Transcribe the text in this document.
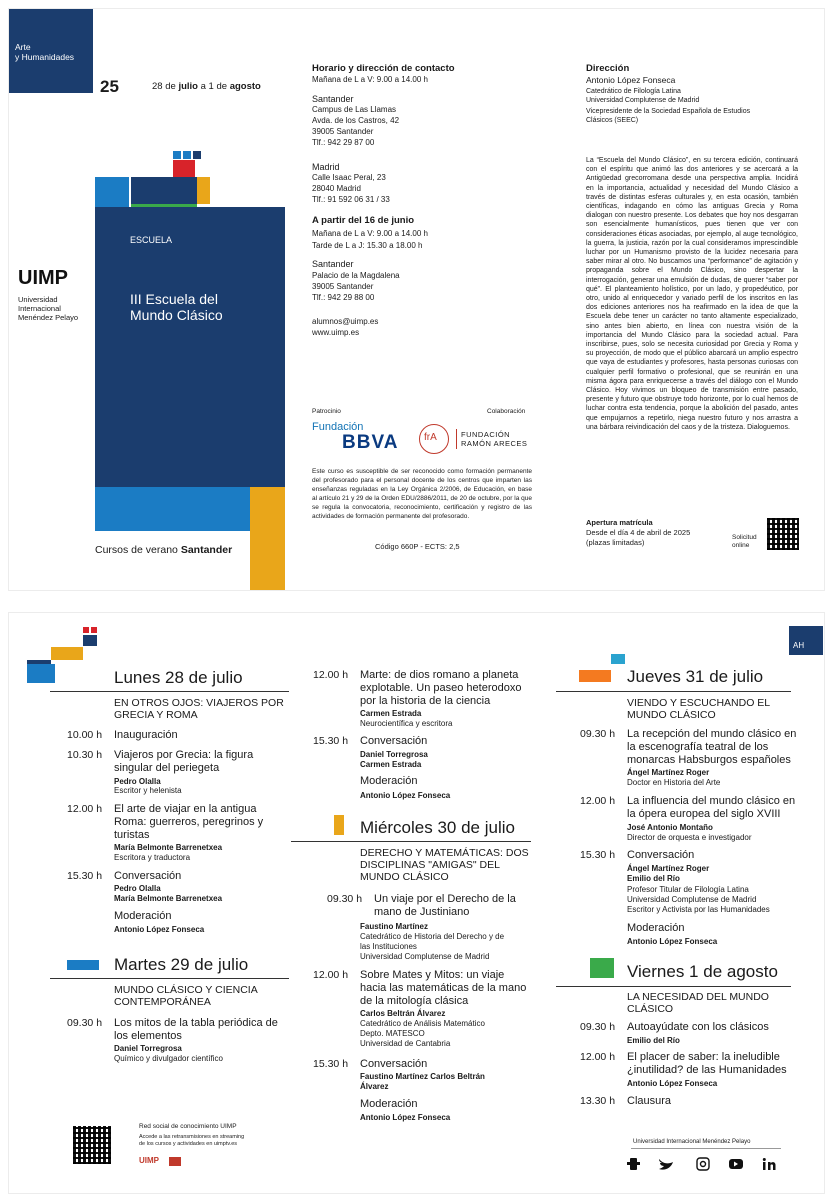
Arte
y Humanidades
25	28 de julio a 1 de agosto
UIMP
Universidad
Internacional
Menéndez Pelayo
ESCUELA
III Escuela del
Mundo Clásico
Cursos de verano Santander
Horario y dirección de contacto
Mañana de L a V: 9.00 a 14.00 h
Santander
Campus de Las Llamas
Avda. de los Castros, 42
39005 Santander
Tlf.: 942 29 87 00
Madrid
Calle Isaac Peral, 23
28040 Madrid
Tlf.: 91 592 06 31 / 33
A partir del 16 de junio
Mañana de L a V: 9.00 a 14.00 h
Tarde de L a J: 15.30 a 18.00 h
Santander
Palacio de la Magdalena
39005 Santander
Tlf.: 942 29 88 00
alumnos@uimp.es
www.uimp.es
Patrocinio	Colaboración
Fundación
BBVA	frA	FUNDACIÓN
RAMÓN ARECES
Este curso es susceptible de ser reconocido como formación permanente del profesorado para el personal docente de los centros que imparten las enseñanzas reguladas en la Ley Orgánica 2/2006, de Educación, en base al artículo 21 y 29 de la Orden EDU/2886/2011, de 20 de octubre, por la que se regula la convocatoria, reconocimiento, certificación y registro de las actividades de formación permanente del profesorado.
Código 660P - ECTS: 2,5
Dirección
Antonio López Fonseca
Catedrático de Filología Latina
Universidad Complutense de Madrid
Vicepresidente de la Sociedad Española de Estudios
Clásicos (SEEC)
La “Escuela del Mundo Clásico”, en su tercera edición, continuará con el espíritu que animó las dos anteriores y se acercará a la Antigüedad grecorromana desde una perspectiva amplia. Incidirá en la importancia, actualidad y necesidad del Mundo Clásico a través de distintas esferas culturales y, en esta ocasión, también científicas, indagando en cómo las antiguas Grecia y Roma dialogan con nuestro presente. Los debates que hoy nos desgarran son esencialmente humanísticos, pues tienen que ver con consideraciones éticas asociadas, por ejemplo, al auge tecnológico, la guerra, la justicia, razón por la cual consideramos imprescindible luchar por un Humanismo provisto de la lucidez necesaria para saber mirar al otro. No buscamos una “performance” de agitación y propaganda sobre el Mundo Clásico, sino despertar la interrogación, generar una emulsión de dudas, de querer “saber por qué”. El planteamiento holístico, por un lado, y propedéutico, por otro, unido al enriquecedor y variado perfil de los inscritos en las dos ediciones anteriores nos ha reafirmado en la idea de que la Escuela debe tener un carácter no tanto altamente especializado, sino antes bien abierto, en línea con nuestra visión de la importancia del Mundo Clásico para la sociedad actual. Para inscribirse, pues, solo se necesita curiosidad por Grecia y Roma y su proyección, de modo que el público abarcará un amplio espectro que vaya de estudiantes y profesores, hasta personas curiosas con cualquier perfil formativo o profesional, que se reunirán en una misma ágora para enriquecerse a través del diálogo con el Mundo Clásico. Hoy vivimos un bloqueo de transmisión entre pasado, presente y futuro que obstruye todo horizonte, por lo cual hemos de luchar contra esta tendencia, porque la abolición del pasado, antes que empujarnos a repetirlo, niega nuestro futuro y nos arrastra a una bárbara reivindicación del caos y de la tristeza. Dialoguemos.
Apertura matrícula
Desde el día 4 de abril de 2025
(plazas limitadas)
Solicitud
online
AH
Lunes 28 de julio
EN OTROS OJOS: VIAJEROS POR GRECIA Y ROMA
10.00 h Inauguración
10.30 h Viajeros por Grecia: la figura singular del periegeta
Pedro Olalla
Escritor y helenista
12.00 h El arte de viajar en la antigua Roma: guerreros, peregrinos y turistas
María Belmonte Barrenetxea
Escritora y traductora
15.30 h Conversación
Pedro Olalla
María Belmonte Barrenetxea
Moderación
Antonio López Fonseca
Martes 29 de julio
MUNDO CLÁSICO Y CIENCIA CONTEMPORÁNEA
09.30 h Los mitos de la tabla periódica de los elementos
Daniel Torregrosa
Químico y divulgador científico
12.00 h Marte: de dios romano a planeta explotable. Un paseo heterodoxo por la historia de la ciencia
Carmen Estrada
Neurocientífica y escritora
15.30 h Conversación
Daniel Torregrosa
Carmen Estrada
Moderación
Antonio López Fonseca
Miércoles 30 de julio
DERECHO Y MATEMÁTICAS: DOS DISCIPLINAS "AMIGAS" DEL MUNDO CLÁSICO
09.30 h Un viaje por el Derecho de la mano de Justiniano
Faustino Martínez
Catedrático de Historia del Derecho y de
las Instituciones
Universidad Complutense de Madrid
12.00 h Sobre Mates y Mitos: un viaje hacia las matemáticas de la mano de la mitología clásica
Carlos Beltrán Álvarez
Catedrático de Análisis Matemático
Depto. MATESCO
Universidad de Cantabria
15.30 h Conversación
Faustino Martínez Carlos Beltrán
Álvarez
Moderación
Antonio López Fonseca
Jueves 31 de julio
VIENDO Y ESCUCHANDO EL MUNDO CLÁSICO
09.30 h La recepción del mundo clásico en la escenografía teatral de los monarcas Habsburgos españoles
Ángel Martínez Roger
Doctor en Historia del Arte
12.00 h La influencia del mundo clásico en la ópera europea del siglo XVIII
José Antonio Montaño
Director de orquesta e investigador
15.30 h Conversación
Ángel Martínez Roger
Emilio del Río
Profesor Titular de Filología Latina
Universidad Complutense de Madrid
Escritor y Activista por las Humanidades
Moderación
Antonio López Fonseca
Viernes 1 de agosto
LA NECESIDAD DEL MUNDO CLÁSICO
09.30 h Autoayúdate con los clásicos
Emilio del Río
12.00 h El placer de saber: la ineludible ¿inutilidad? de las Humanidades
Antonio López Fonseca
13.30 h Clausura
Red social de conocimiento UIMP
Accede a las retransmisiones en streaming
de los cursos y actividades en uimptv.es
UIMP
Universidad Internacional Menéndez Pelayo
